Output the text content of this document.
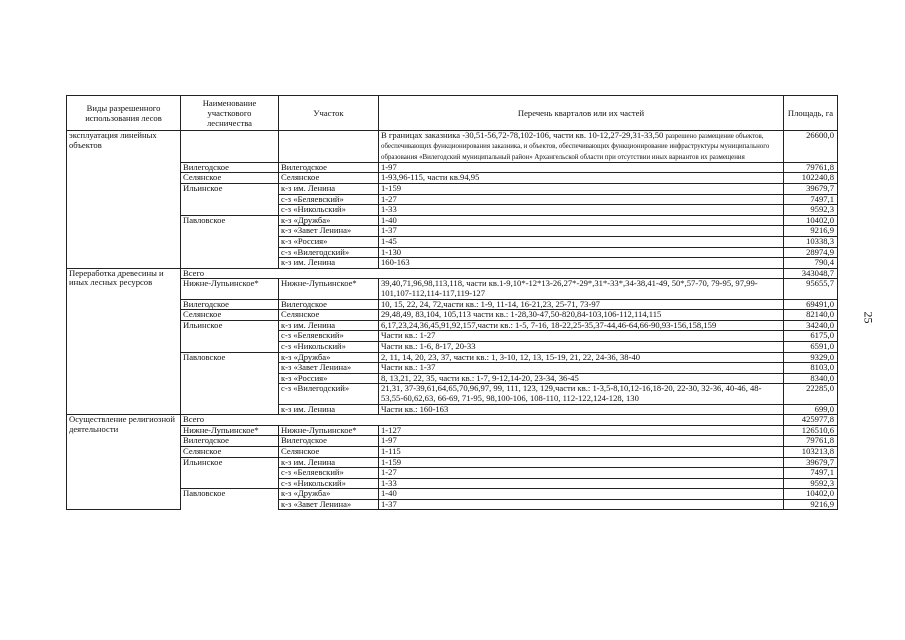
Виды разрешенного использования лесов	Наименование участкового лесничества	Участок	Перечень кварталов или их частей	Площадь, га
эксплуатация линейных объектов			В границах заказника -30,51-56,72-78,102-106, части кв. 10-12,27-29,31-33,50 разрешено размещение объектов, обеспечивающих функционирования заказника, и объектов, обеспечивающих функционирование инфраструктуры муниципального образования «Вилегодский муниципальный район» Архангельской области при отсутствии иных вариантов их размещения	26600,0
	Вилегодское	Вилегодское	1-97	79761,8
	Селянское	Селянское	1-93,96-115, части кв.94,95	102240,8
	Ильинское	к-з им. Ленина	1-159	39679,7
		с-з «Беляевский»	1-27	7497,1
		с-з «Никольский»	1-33	9592,3
	Павловское	к-з «Дружба»	1-40	10402,0
		к-з «Завет Ленина»	1-37	9216,9
		к-з «Россия»	1-45	10338,3
		с-з «Вилегодский»	1-130	28974,9
		к-з им. Ленина	160-163	790,4
Переработка древесины и иных лесных ресурсов	Всего			343048,7
	Нижне-Лупьинское*	Нижне-Лупьинское*	39,40,71,96,98,113,118, части кв.1-9,10*-12*13-26,27*-29*,31*-33*,34-38,41-49, 50*,57-70, 79-95, 97,99-101,107-112,114-117,119-127	95655,7
	Вилегодское	Вилегодское	10, 15, 22, 24, 72,части кв.: 1-9, 11-14, 16-21,23, 25-71, 73-97	69491,0
	Селянское	Селянское	29,48,49, 83,104, 105,113 части кв.: 1-28,30-47,50-820,84-103,106-112,114,115	82140,0
	Ильинское	к-з им. Ленина	6,17,23,24,36,45,91,92,157,части кв.: 1-5, 7-16, 18-22,25-35,37-44,46-64,66-90,93-156,158,159	34240,0
		с-з «Беляевский»	Части кв.: 1-27	6175,0
		с-з «Никольский»	Части кв.: 1-6, 8-17, 20-33	6591,0
	Павловское	к-з «Дружба»	2, 11, 14, 20, 23, 37, части кв.: 1, 3-10, 12, 13, 15-19, 21, 22, 24-36, 38-40	9329,0
		к-з «Завет Ленина»	Части кв.: 1-37	8103,0
		к-з «Россия»	8, 13,21, 22, 35, части кв.: 1-7, 9-12,14-20, 23-34, 36-45	8340,0
		с-з «Вилегодский»	21,31, 37-39,61,64,65,70,96,97, 99, 111, 123, 129,части кв.: 1-3,5-8,10,12-16,18-20, 22-30, 32-36, 40-46, 48-53,55-60,62,63, 66-69, 71-95, 98,100-106, 108-110, 112-122,124-128, 130	22285,0
		к-з им. Ленина	Части кв.: 160-163	699,0
Осуществление религиозной деятельности	Всего			425977,8
	Нижне-Лупьинское*	Нижне-Лупьинское*	1-127	126510,6
	Вилегодское	Вилегодское	1-97	79761,8
	Селянское	Селянское	1-115	103213,8
	Ильинское	к-з им. Ленина	1-159	39679,7
		с-з «Беляевский»	1-27	7497,1
		с-з «Никольский»	1-33	9592,3
	Павловское	к-з «Дружба»	1-40	10402,0
		к-з «Завет Ленина»	1-37	9216,9
25
